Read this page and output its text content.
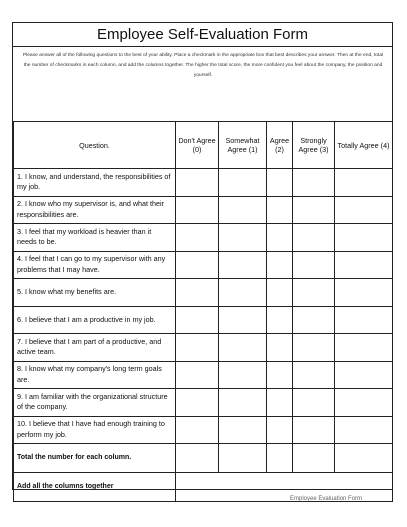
Employee Self-Evaluation Form
Please answer all of the following questions to the best of your ability. Place a checkmark in the appropriate box that best describes your answer. Then at the end, total the number of checkmarks in each column, and add the columns together. The higher the total score, the more confident you feel about the company, the position and yourself.
Question.	Don't Agree (0)	Somewhat Agree (1)	Agree (2)	Strongly Agree (3)	Totally Agree (4)
1. I know, and understand, the responsibilities of my job.					
2. I know who my supervisor is, and what their responsibilities are.					
3. I feel that my workload is heavier than it needs to be.					
4. I feel that I can go to my supervisor with any problems that I may have.					
5. I know what my benefits are.					
6. I believe that I am a productive in my job.					
7. I believe that I am part of a productive, and active team.					
8. I know what my company's long term goals are.					
9. I am familiar with the organizational structure of the company.					
10. I believe that I have had enough training to perform my job.					
Total the number for each column.					
Add all the columns together					
Employee Evaluation Form
